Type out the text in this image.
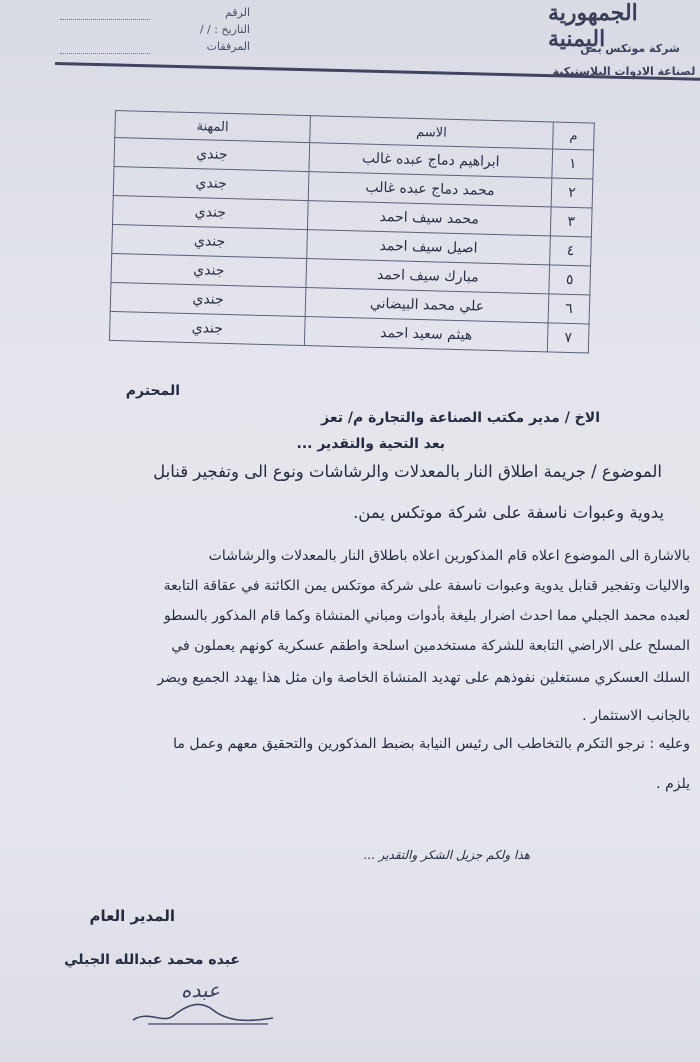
الجمهورية اليمنية
شركة موتكس يمن
لصناعة الادوات البلاستيكية
الرقم
التاريخ : / /
المرفقات
م	الاسم	المهنة
١	ابراهيم دماج عبده غالب	جندي
٢	محمد دماج عبده غالب	جندي
٣	محمد سيف احمد	جندي
٤	اصيل سيف احمد	جندي
٥	مبارك سيف احمد	جندي
٦	علي محمد البيضاني	جندي
٧	هيثم سعيد احمد	جندي
المحترم
الاخ / مدير مكتب الصناعة والتجارة م/ تعز
بعد التحية والتقدير ...
الموضوع / جريمة اطلاق النار بالمعدلات والرشاشات ونوع الى وتفجير قنابل
يدوية وعبوات ناسفة على شركة موتكس يمن.
بالاشارة الى الموضوع اعلاه قام المذكورين اعلاه باطلاق النار بالمعدلات والرشاشات
والاليات وتفجير قنابل يدوية وعبوات ناسفة على شركة موتكس يمن الكائنة في عقاقة التابعة
لعبده محمد الجبلي مما احدث اضرار بليغة بأدوات ومباني المنشاة وكما قام المذكور بالسطو
المسلح على الاراضي التابعة للشركة مستخدمين اسلحة واطقم عسكرية كونهم يعملون في
السلك العسكري مستغلين نفوذهم على تهديد المنشاة الخاصة وان مثل هذا يهدد الجميع ويضر
بالجانب الاستثمار .
وعليه : نرجو التكرم بالتخاطب الى رئيس النيابة بضبط المذكورين والتحقيق معهم وعمل ما
يلزم .
هذا ولكم جزيل الشكر والتقدير ...
المدير العام
عبده محمد عبدالله الجبلي
عبده
